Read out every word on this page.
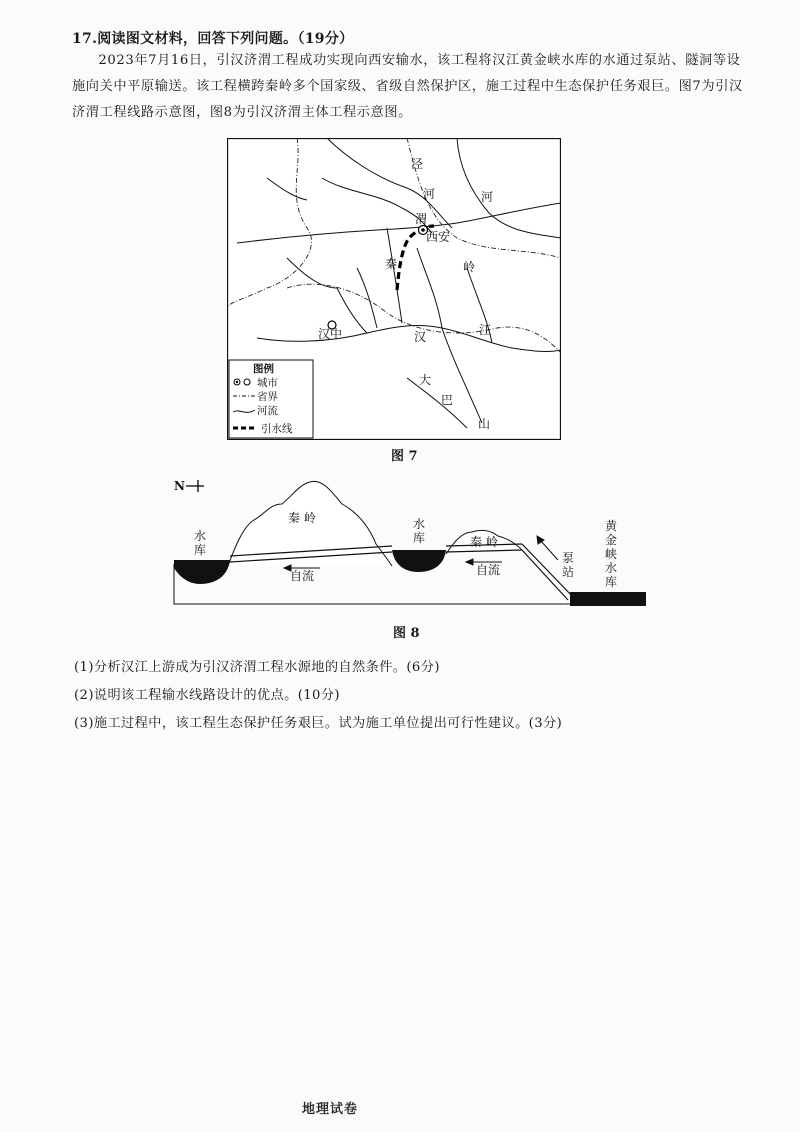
17.阅读图文材料，回答下列问题。（19分）

2023年7月16日，引汉济渭工程成功实现向西安输水，该工程将汉江黄金峡水库的水通过泵站、隧洞等设施向关中平原输送。该工程横跨秦岭多个国家级、省级自然保护区，施工过程中生态保护任务艰巨。图7为引汉济渭工程线路示意图，图8为引汉济渭主体工程示意图。

泾
河	河
渭
西安
秦	岭
汉中	汉	江
大
巴
山
图例
城市
省界
河流
引水线
图 7
N
水
库
秦 岭	水
库	秦 岭
自流	自流
泵
站
黄
金
峡
水
库
图 8
(1)分析汉江上游成为引汉济渭工程水源地的自然条件。(6分)
(2)说明该工程输水线路设计的优点。(10分)
(3)施工过程中，该工程生态保护任务艰巨。试为施工单位提出可行性建议。(3分)
地理试卷
